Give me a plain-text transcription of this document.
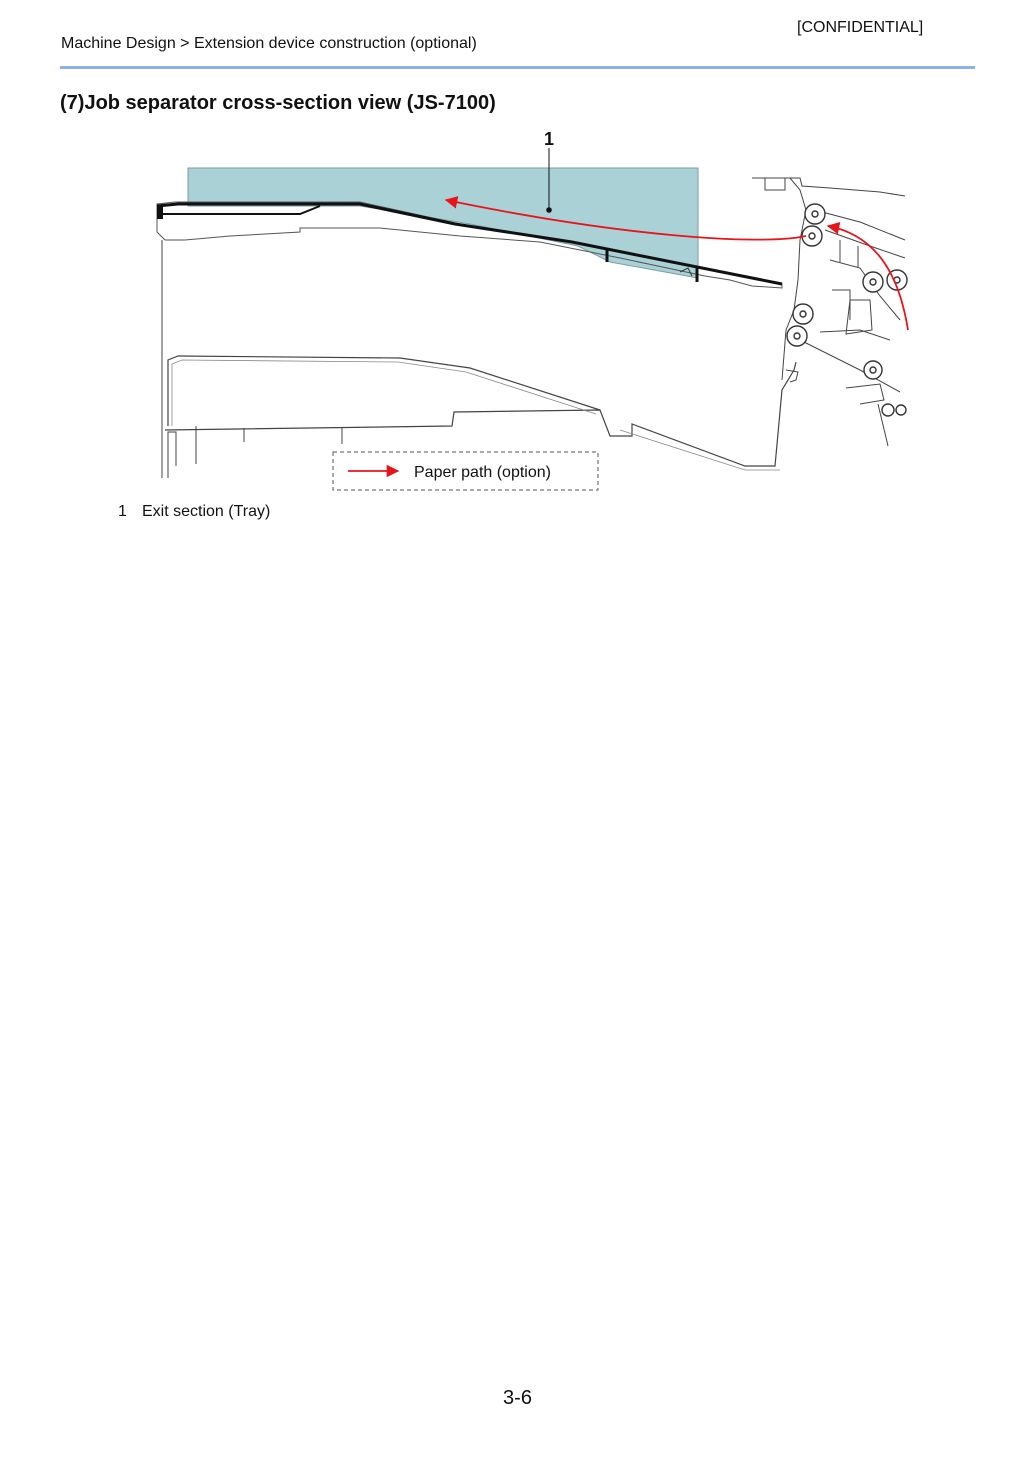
[CONFIDENTIAL]
Machine Design > Extension device construction (optional)
(7)Job separator cross-section view (JS-7100)
1
Paper path (option)
1 Exit section (Tray)
3-6
